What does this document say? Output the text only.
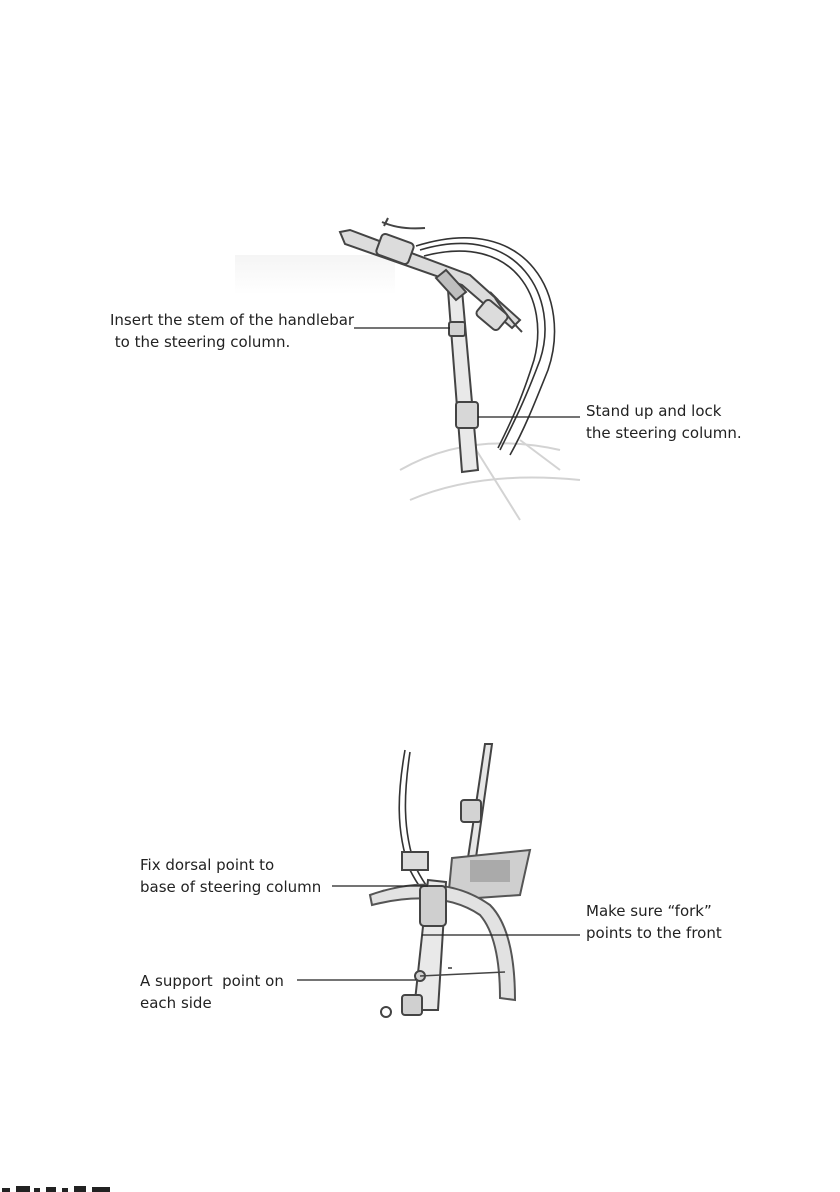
Insert the stem of the handlebar
to the steering column.
Stand up and lock
the steering column.
Fix dorsal point to
base of steering column
Make sure “fork”
points to the front
A support  point on
each side
